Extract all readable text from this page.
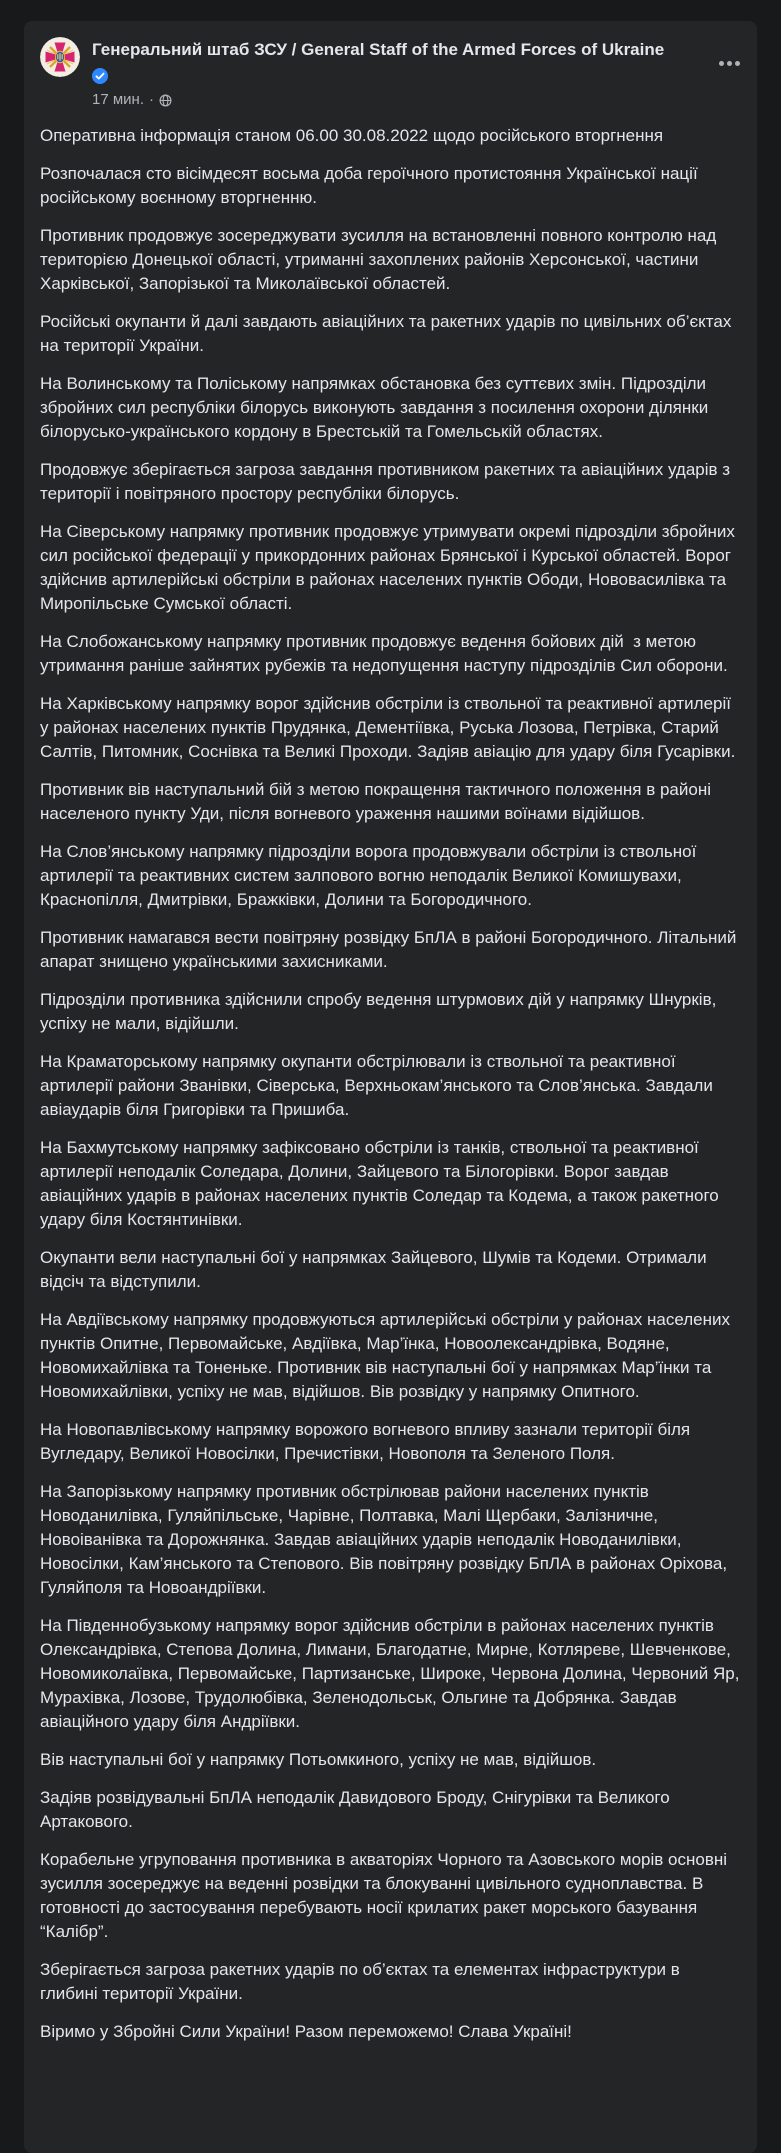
Генеральний штаб ЗСУ / General Staff of the Armed Forces of Ukraine
17 мин. ·

Оперативна інформація станом 06.00 30.08.2022 щодо російського вторгнення

Розпочалася сто вісімдесят восьма доба героїчного протистояння Української нації російському воєнному вторгненню.

Противник продовжує зосереджувати зусилля на встановленні повного контролю над територією Донецької області, утриманні захоплених районів Херсонської, частини Харківської, Запорізької та Миколаївської областей.

Російські окупанти й далі завдають авіаційних та ракетних ударів по цивільних об’єктах на території України.

На Волинському та Поліському напрямках обстановка без суттєвих змін. Підрозділи збройних сил республіки білорусь виконують завдання з посилення охорони ділянки білорусько-українського кордону в Брестській та Гомельській областях.

Продовжує зберігається загроза завдання противником ракетних та авіаційних ударів з території і повітряного простору республіки білорусь.

На Сіверському напрямку противник продовжує утримувати окремі підрозділи збройних сил російської федерації у прикордонних районах Брянської і Курської областей. Ворог здійснив артилерійські обстріли в районах населених пунктів Ободи, Нововасилівка та Миропільське Сумської області.

На Слобожанському напрямку противник продовжує ведення бойових дій  з метою утримання раніше зайнятих рубежів та недопущення наступу підрозділів Сил оборони.

На Харківському напрямку ворог здійснив обстріли із ствольної та реактивної артилерії у районах населених пунктів Прудянка, Дементіївка, Руська Лозова, Петрівка, Старий Салтів, Питомник, Соснівка та Великі Проходи. Задіяв авіацію для удару біля Гусарівки.

Противник вів наступальний бій з метою покращення тактичного положення в районі населеного пункту Уди, після вогневого ураження нашими воїнами відійшов.

На Слов’янському напрямку підрозділи ворога продовжували обстріли із ствольної артилерії та реактивних систем залпового вогню неподалік Великої Комишувахи, Краснопілля, Дмитрівки, Бражківки, Долини та Богородичного.

Противник намагався вести повітряну розвідку БпЛА в районі Богородичного. Літальний апарат знищено українськими захисниками.

Підрозділи противника здійснили спробу ведення штурмових дій у напрямку Шнурків, успіху не мали, відійшли.

На Краматорському напрямку окупанти обстрілювали із ствольної та реактивної артилерії райони Званівки, Сіверська, Верхньокам’янського та Слов’янська. Завдали авіаударів біля Григорівки та Пришиба.

На Бахмутському напрямку зафіксовано обстріли із танків, ствольної та реактивної артилерії неподалік Соледара, Долини, Зайцевого та Білогорівки. Ворог завдав авіаційних ударів в районах населених пунктів Соледар та Кодема, а також ракетного удару біля Костянтинівки.

Окупанти вели наступальні бої у напрямках Зайцевого, Шумів та Кодеми. Отримали відсіч та відступили.

На Авдіївському напрямку продовжуються артилерійські обстріли у районах населених пунктів Опитне, Первомайське, Авдіївка, Мар’їнка, Новоолександрівка, Водяне, Новомихайлівка та Тоненьке. Противник вів наступальні бої у напрямках Мар’їнки та Новомихайлівки, успіху не мав, відійшов. Вів розвідку у напрямку Опитного.

На Новопавлівському напрямку ворожого вогневого впливу зазнали території біля Вугледару, Великої Новосілки, Пречистівки, Новополя та Зеленого Поля.

На Запорізькому напрямку противник обстрілював райони населених пунктів Новоданилівка, Гуляйпільське, Чарівне, Полтавка, Малі Щербаки, Залізничне, Новоіванівка та Дорожнянка. Завдав авіаційних ударів неподалік Новоданилівки, Новосілки, Кам’янського та Степового. Вів повітряну розвідку БпЛА в районах Оріхова, Гуляйполя та Новоандріївки.

На Південнобузькому напрямку ворог здійснив обстріли в районах населених пунктів Олександрівка, Степова Долина, Лимани, Благодатне, Мирне, Котляреве, Шевченкове, Новомиколаївка, Первомайське, Партизанське, Широке, Червона Долина, Червоний Яр, Мурахівка, Лозове, Трудолюбівка, Зеленодольськ, Ольгине та Добрянка. Завдав авіаційного удару біля Андріївки.

Вів наступальні бої у напрямку Потьомкиного, успіху не мав, відійшов.

Задіяв розвідувальні БпЛА неподалік Давидового Броду, Снігурівки та Великого Артакового.

Корабельне угруповання противника в акваторіях Чорного та Азовського морів основні зусилля зосереджує на веденні розвідки та блокуванні цивільного судноплавства. В готовності до застосування перебувають носії крилатих ракет морського базування “Калібр”.

Зберігається загроза ракетних ударів по об’єктах та елементах інфраструктури в глибині території України.

Віримо у Збройні Сили України! Разом переможемо! Слава Україні!
